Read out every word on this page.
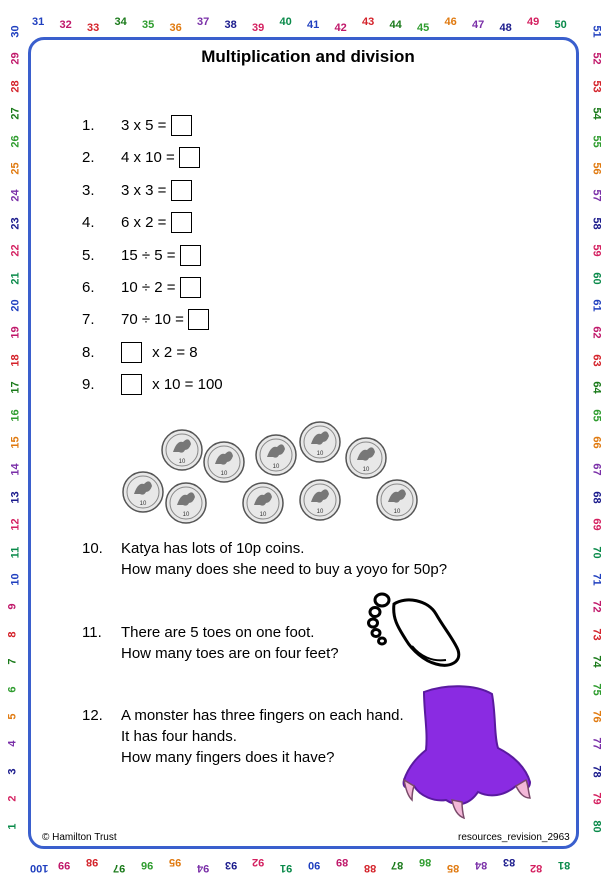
31 32 33 34 35 36 37 38 39 40 41 42 43 44 45 46 47 48 49 50
30
29
28
27
26
25
24
23
22
21
20
19
18
17
16
15
14
13
12
11
10
9
8
7
6
5
4
3
2
1
51
52
53
54
55
56
57
58
59
60
61
62
63
64
65
66
67
68
69
70
71
72
73
74
75
76
77
78
79
80
100 99 98 97 96 95 94 93 92 91 90 89 88 87 86 85 84 83 82 81
Multiplication and division
1. 3 x 5 =
2. 4 x 10 =
3. 3 x 3 =
4. 6 x 2 =
5. 15 ÷ 5 =
6. 10 ÷ 2 =
7. 70 ÷ 10 =
8.	x 2 = 8
9.	x 10 = 100
10
10
10
10
10
10
10	10	10	10
10. Katya has lots of 10p coins.
How many does she need to buy a yoyo for 50p?
11. There are 5 toes on one foot.
How many toes are on four feet?
12. A monster has three fingers on each hand.
It has four hands.
How many fingers does it have?
© Hamilton Trust	resources_revision_2963
